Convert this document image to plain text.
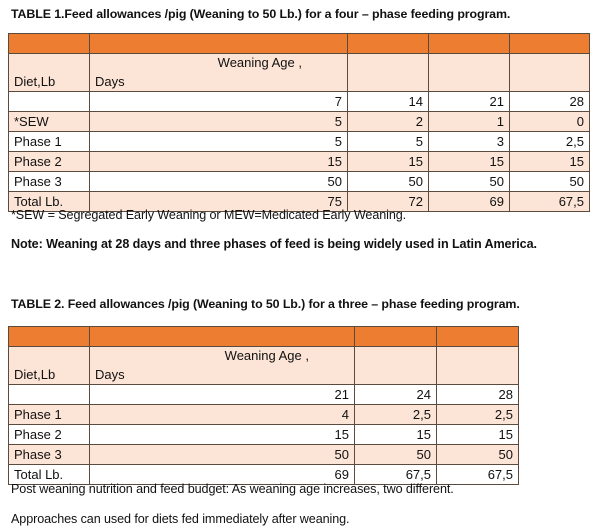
TABLE 1.Feed allowances /pig (Weaning to 50 Lb.) for a four – phase feeding program.

Diet,Lb	Weaning Age ,
Days			
	7	14	21	28
*SEW	5	2	1	0
Phase 1	5	5	3	2,5
Phase 2	15	15	15	15
Phase 3	50	50	50	50
Total Lb.	75	72	69	67,5
*SEW = Segregated Early Weaning or MEW=Medicated Early Weaning.
Note: Weaning at 28 days and three phases of feed is being widely used in Latin America.
TABLE 2. Feed allowances /pig (Weaning to 50 Lb.) for a three – phase feeding program.

Diet,Lb	Weaning Age ,
Days		
	21	24	28
Phase 1	4	2,5	2,5
Phase 2	15	15	15
Phase 3	50	50	50
Total Lb.	69	67,5	67,5
Post weaning nutrition and feed budget: As weaning age increases, two different.
Approaches can used for diets fed immediately after weaning.
